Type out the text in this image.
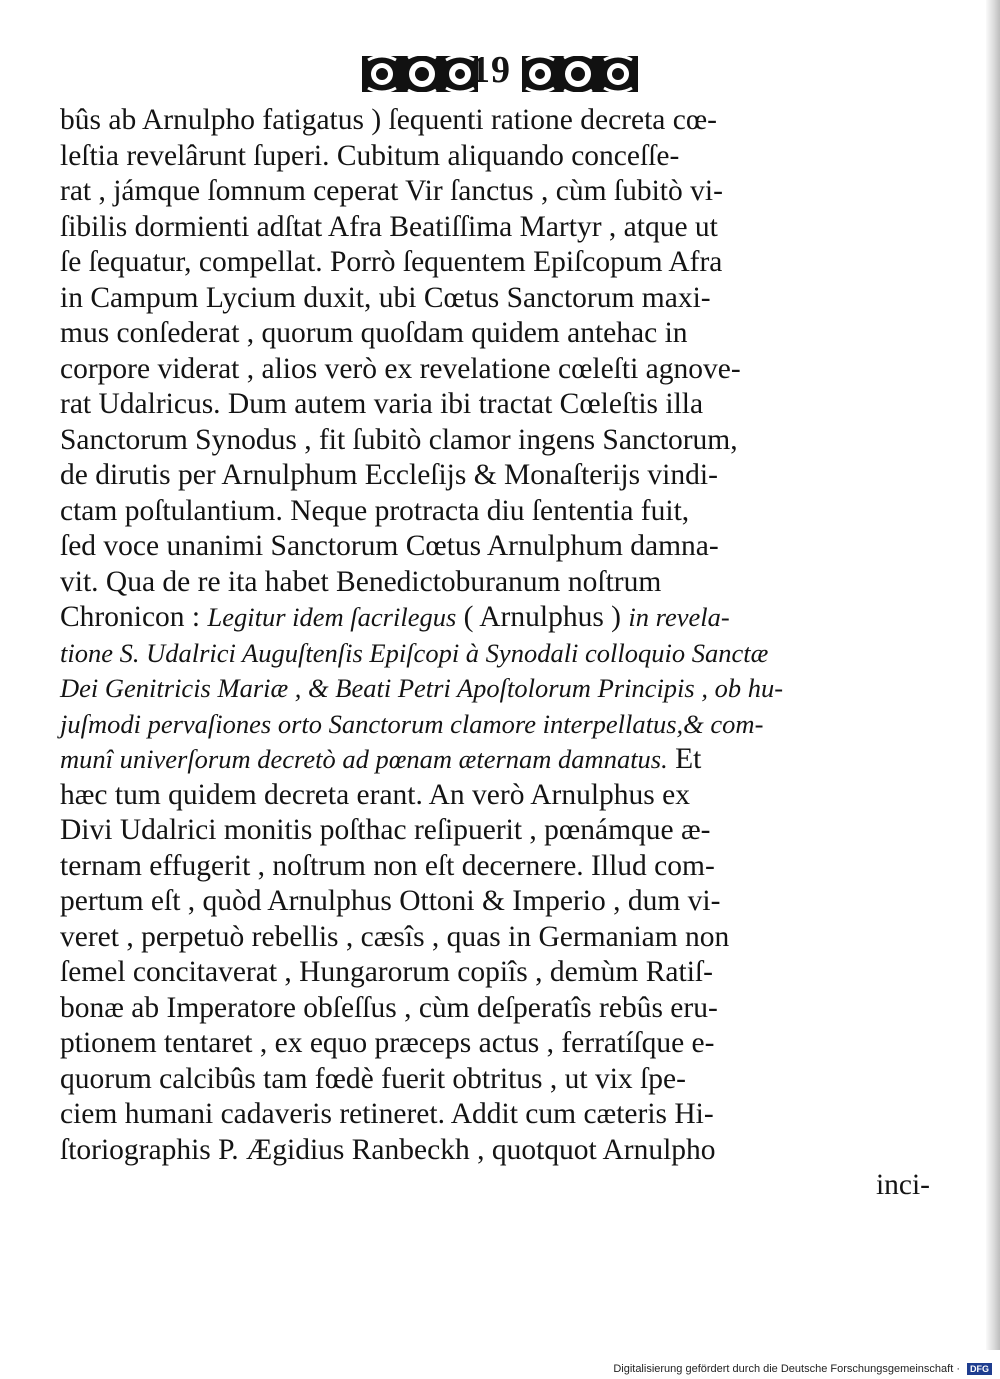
19
bûs ab Arnulpho fatigatus ) ſequenti ratione decreta cœ-
leſtia revelârunt ſuperi. Cubitum aliquando conceſſe-
rat , jámque ſomnum ceperat Vir ſanctus , cùm ſubitò vi-
ſibilis dormienti adſtat Afra Beatiſſima Martyr , atque ut
ſe ſequatur, compellat. Porrò ſequentem Epiſcopum Afra
in Campum Lycium duxit, ubi Cœtus Sanctorum maxi-
mus conſederat , quorum quoſdam quidem antehac in
corpore viderat , alios verò ex revelatione cœleſti agnove-
rat Udalricus. Dum autem varia ibi tractat Cœleſtis illa
Sanctorum Synodus , fit ſubitò clamor ingens Sanctorum,
de dirutis per Arnulphum Eccleſijs & Monaſterijs vindi-
ctam poſtulantium. Neque protracta diu ſententia fuit,
ſed voce unanimi Sanctorum Cœtus Arnulphum damna-
vit. Qua de re ita habet Benedictoburanum noſtrum
Chronicon : Legitur idem ſacrilegus ( Arnulphus ) in revela-
tione S. Udalrici Auguſtenſis Epiſcopi à Synodali colloquio Sanctæ
Dei Genitricis Mariæ , & Beati Petri Apoſtolorum Principis , ob hu-
juſmodi pervaſiones orto Sanctorum clamore interpellatus,& com-
munî univerſorum decretò ad pœnam æternam damnatus. Et
hæc tum quidem decreta erant. An verò Arnulphus ex
Divi Udalrici monitis poſthac reſipuerit , pœnámque æ-
ternam effugerit , noſtrum non eſt decernere. Illud com-
pertum eſt , quòd Arnulphus Ottoni & Imperio , dum vi-
veret , perpetuò rebellis , cæsîs , quas in Germaniam non
ſemel concitaverat , Hungarorum copiîs , demùm Ratiſ-
bonæ ab Imperatore obſeſſus , cùm deſperatîs rebûs eru-
ptionem tentaret , ex equo præceps actus , ferratíſque e-
quorum calcibûs tam fœdè fuerit obtritus , ut vix ſpe-
ciem humani cadaveris retineret. Addit cum cæteris Hi-
ſtoriographis P. Ægidius Ranbeckh , quotquot Arnulpho
inci-
Digitalisierung gefördert durch die Deutsche Forschungsgemeinschaft ·	DFG
